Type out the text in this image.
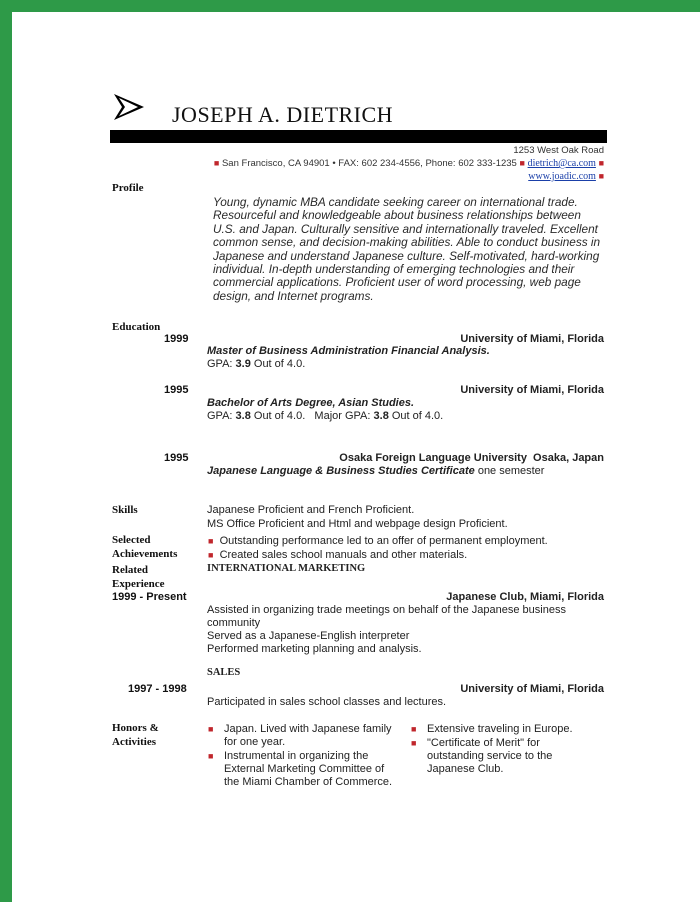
JOSEPH A. DIETRICH
1253 West Oak Road
■ San Francisco, CA 94901 • FAX: 602 234-4556, Phone: 602 333-1235 ■ dietrich@ca.com ■
www.joadic.com ■
Profile
Young, dynamic MBA candidate seeking career on international trade. Resourceful and knowledgeable about business relationships between U.S. and Japan. Culturally sensitive and internationally traveled. Excellent common sense, and decision-making abilities. Able to conduct business in Japanese and understand Japanese culture. Self-motivated, hard-working individual. In-depth understanding of emerging technologies and their commercial applications. Proficient user of word processing, web page design, and Internet programs.
Education
1999	University of Miami, Florida
Master of Business Administration Financial Analysis.
GPA: 3.9 Out of 4.0.
1995	University of Miami, Florida
Bachelor of Arts Degree, Asian Studies.
GPA: 3.8 Out of 4.0.   Major GPA: 3.8 Out of 4.0.
1995	Osaka Foreign Language University  Osaka, Japan
Japanese Language & Business Studies Certificate one semester
Skills	Japanese Proficient and French Proficient.
MS Office Proficient and Html and webpage design Proficient.
Selected
Achievements
■ Outstanding performance led to an offer of permanent employment.
■ Created sales school manuals and other materials.
Related
Experience
INTERNATIONAL MARKETING
1999 - Present	Japanese Club, Miami, Florida
Assisted in organizing trade meetings on behalf of the Japanese business community
Served as a Japanese-English interpreter
Performed marketing planning and analysis.
SALES
1997 - 1998	University of Miami, Florida
Participated in sales school classes and lectures.
Honors &
Activities
■ Japan. Lived with Japanese family for one year.
■ Instrumental in organizing the External Marketing Committee of the Miami Chamber of Commerce.
■ Extensive traveling in Europe.
■ "Certificate of Merit" for outstanding service to the Japanese Club.
